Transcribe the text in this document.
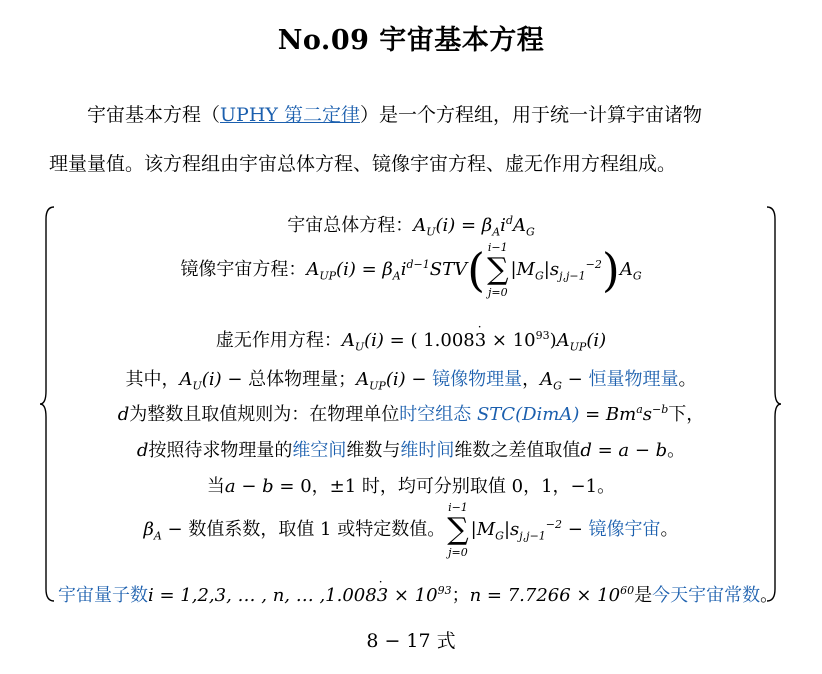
No.09 宇宙基本方程
宇宙基本方程（UPHY 第二定律）是一个方程组，用于统一计算宇宙诸物
理量量值。该方程组由宇宙总体方程、镜像宇宙方程、虚无作用方程组成。
宇宙总体方程：$A_U(i) = \beta_Ai^dA_G$
镜像宇宙方程：$A_{UP}(i) = \beta_Ai^{d-1}STV$( i−1
∑
j=0
$|M_G|s_{j,j-1}^{-2})A_G$
虚无作用方程：$A_U(i)$ = ( 1.0083
·
× $10^{93})A_{UP}(i)$
其中，$A_U(i)$ − 总体物理量；$A_{UP}(i)$ − 镜像物理量，$A_G$ − 恒量物理量。
d为整数且取值规则为：在物理单位时空组态 STC(DimA) = $Bm^as^{-b}$下，
d按照待求物理量的维空间维数与维时间维数之差值取值d = a − b。
当a − b = 0，±1 时，均可分别取值 0，1，−1。
$\beta_A$ − 数值系数，取值 1 或特定数值。
i−1
∑
j=0
$|M_G|s_{j,j-1}^{-2}$ − 镜像宇宙。
宇宙量子数i = 1,2,3, … , n, … ,1.0083
·
× $10^{93}$；$n = 7.7266 \times 10^{60}$是今天宇宙常数。
8 − 17 式
